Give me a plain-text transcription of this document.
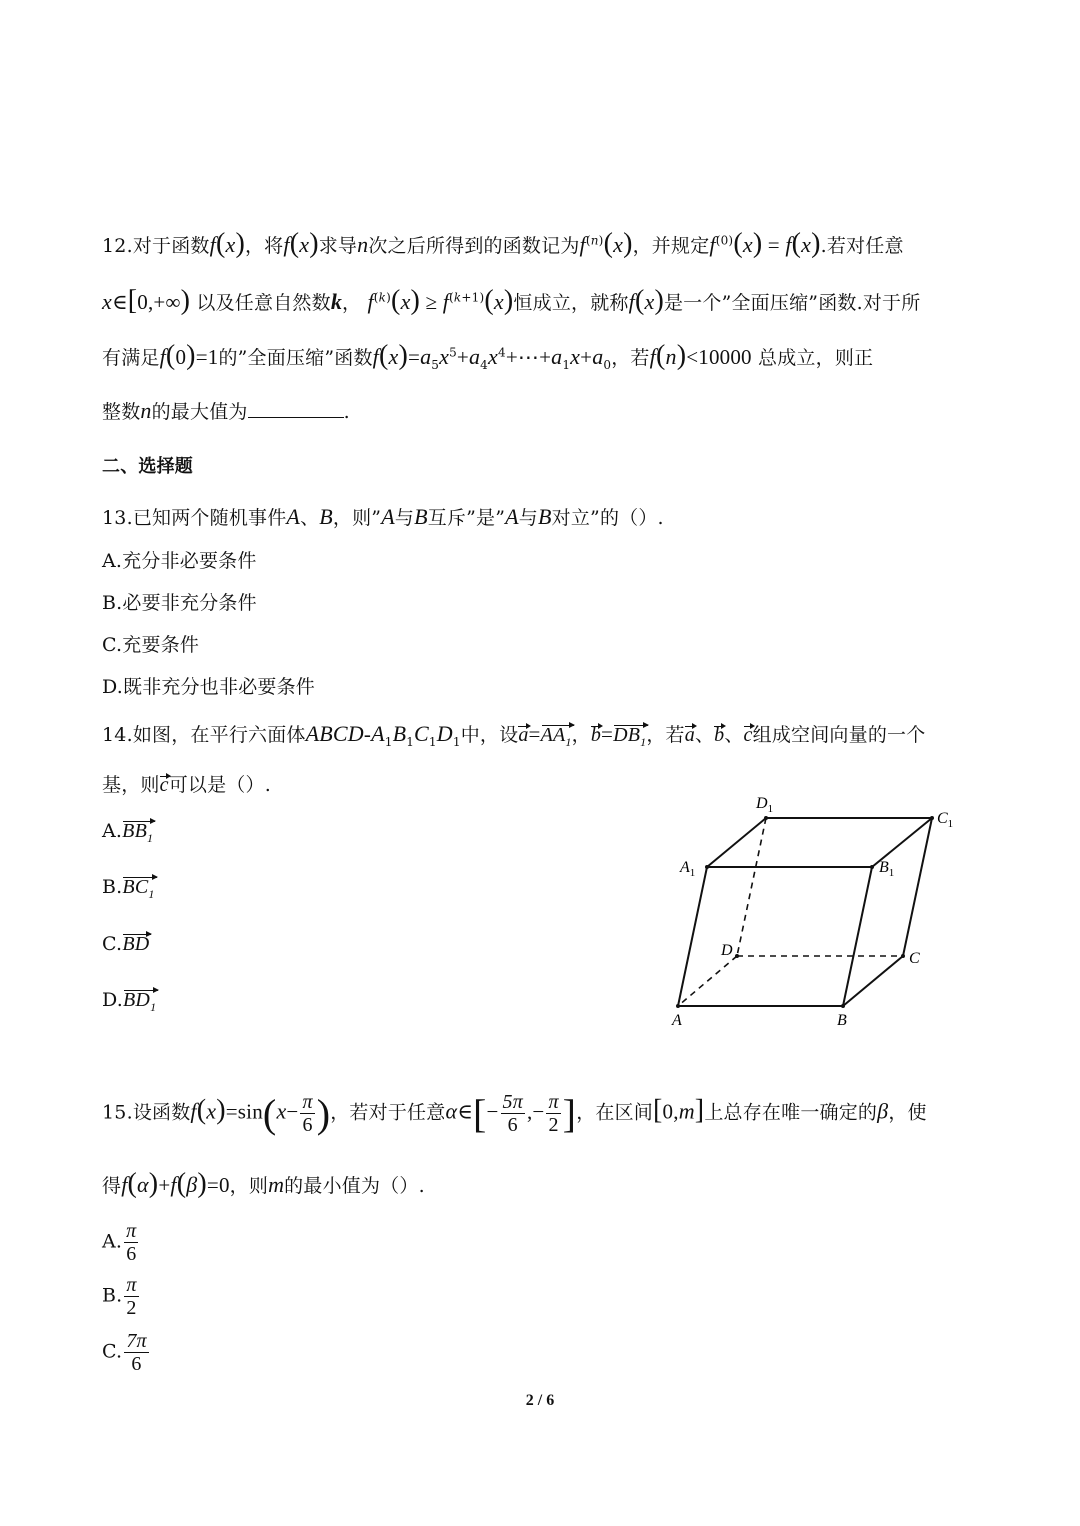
12.对于函数f(x)，将f(x)求导n次之后所得到的函数记为$f^{(n)}(x)$，并规定$f^{(0)}(x) = f(x)$.若对任意
x∈[0,+∞) 以及任意自然数k， $f^{(k)}(x) \ge f^{(k+1)}(x)$恒成立，就称f(x)是一个”全面压缩”函数.对于所
有满足f(0)=1的”全面压缩”函数$f(x)=a_5x^5+a_4x^4+\cdots+a_1x+a_0$，若f(n)<10000 总成立，则正
整数n的最大值为	.
二、选择题
13.已知两个随机事件A、B，则”A与B互斥”是”A与B对立”的（）.
A.充分非必要条件
B.必要非充分条件
C.充要条件
D.既非充分也非必要条件
14.如图，在平行六面体ABCD-$A_1B_1C_1D_1$中，设$a=AA_1$，$b=DB_1$，若a、b、c组成空间向量的一个
基，则c可以是（）.
$A.BB_1$
$B.BC_1$
C.BD
$D.BD_1$
$D_1$
$C_1$
$A_1$	$B_1$
D	C
A	B
15.设函数$f(x)=\sin(x- \frac{\pi}{6}$ )，若对于任意α∈[− $\frac{5\pi}{6}$ ,− $\frac{\pi}{2}$ ]，在区间[0,m]上总存在唯一确定的β，使
得f(α)+f(β)=0，则m的最小值为（）.
A. $\frac{\pi}{6}$
B. $\frac{\pi}{2}$
C. $\frac{7\pi}{6}$
2 / 6
